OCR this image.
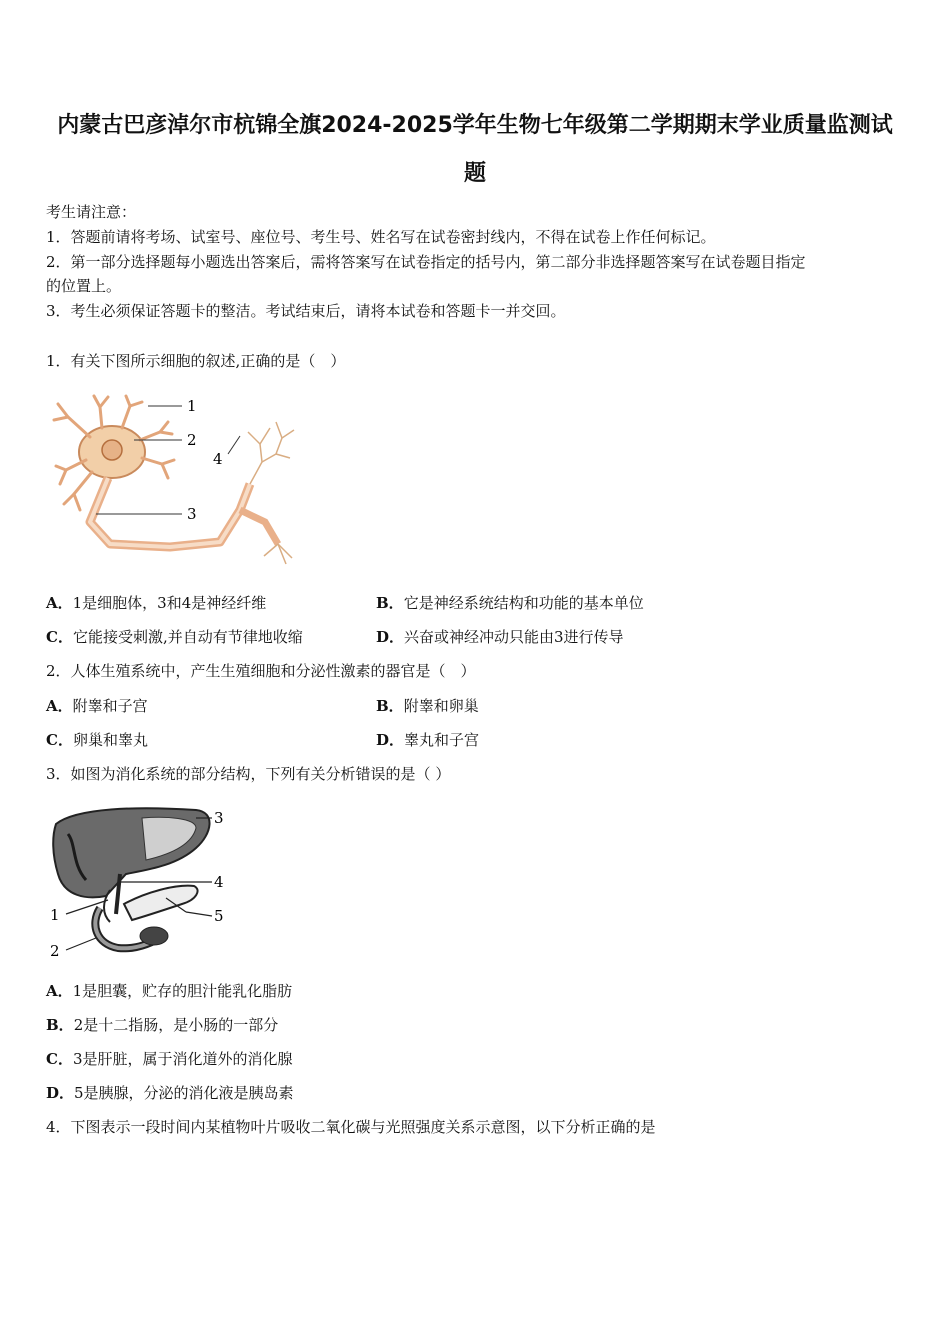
内蒙古巴彦淖尔市杭锦全旗2024-2025学年生物七年级第二学期期末学业质量监测试
题
考生请注意：
1．答题前请将考场、试室号、座位号、考生号、姓名写在试卷密封线内，不得在试卷上作任何标记。
2．第一部分选择题每小题选出答案后，需将答案写在试卷指定的括号内，第二部分非选择题答案写在试卷题目指定
的位置上。
3．考生必须保证答题卡的整洁。考试结束后，请将本试卷和答题卡一并交回。
1．有关下图所示细胞的叙述,正确的是（　）
1
2
3
4
A．1是细胞体，3和4是神经纤维	B．它是神经系统结构和功能的基本单位
C．它能接受刺激,并自动有节律地收缩	D．兴奋或神经冲动只能由3进行传导
2．人体生殖系统中，产生生殖细胞和分泌性激素的器官是（　）
A．附睾和子宫	B．附睾和卵巢
C．卵巢和睾丸	D．睾丸和子宫
3．如图为消化系统的部分结构，下列有关分析错误的是（ ）
3
4
1	5
2
A．1是胆囊，贮存的胆汁能乳化脂肪
B．2是十二指肠，是小肠的一部分
C．3是肝脏，属于消化道外的消化腺
D．5是胰腺，分泌的消化液是胰岛素
4．下图表示一段时间内某植物叶片吸收二氧化碳与光照强度关系示意图，以下分析正确的是
